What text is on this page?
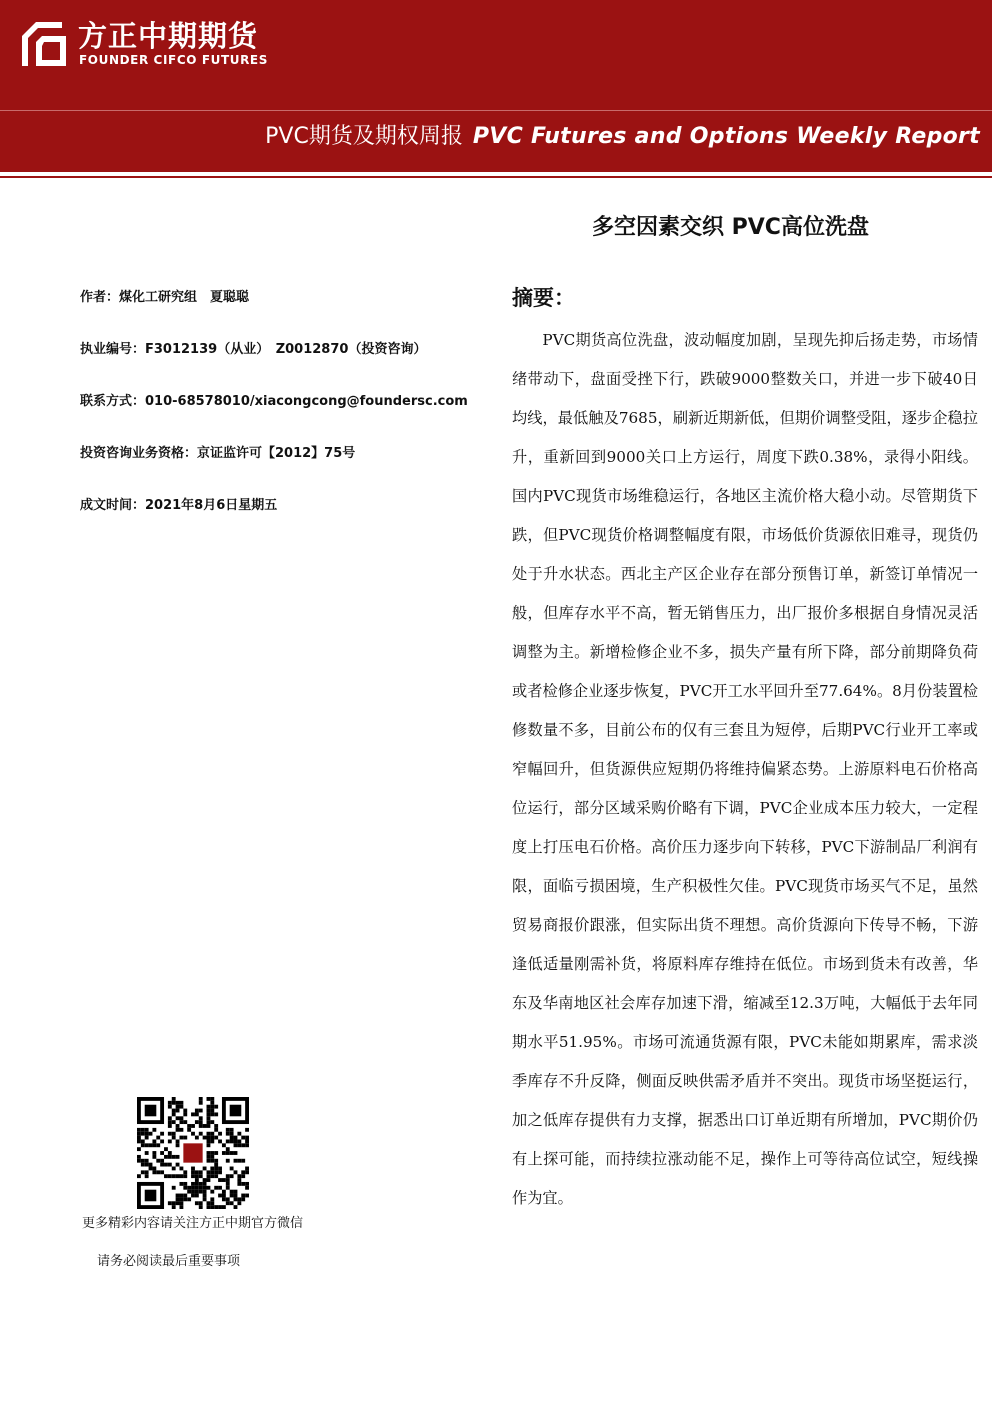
方正中期期货
FOUNDER CIFCO FUTURES
PVC期货及期权周报 PVC Futures and Options Weekly Report
多空因素交织 PVC高位洗盘
作者：煤化工研究组　夏聪聪
执业编号：F3012139（从业）　Z0012870（投资咨询）
联系方式：010-68578010/xiacongcong@foundersc.com
投资咨询业务资格：京证监许可【2012】75号
成文时间：2021年8月6日星期五
摘要：
PVC期货高位洗盘，波动幅度加剧，呈现先抑后扬走势，市场情绪带动下，盘面受挫下行，跌破9000整数关口，并进一步下破40日均线，最低触及7685，刷新近期新低，但期价调整受阻，逐步企稳拉升，重新回到9000关口上方运行，周度下跌0.38%，录得小阳线。国内PVC现货市场维稳运行，各地区主流价格大稳小动。尽管期货下跌，但PVC现货价格调整幅度有限，市场低价货源依旧难寻，现货仍处于升水状态。西北主产区企业存在部分预售订单，新签订单情况一般，但库存水平不高，暂无销售压力，出厂报价多根据自身情况灵活调整为主。新增检修企业不多，损失产量有所下降，部分前期降负荷或者检修企业逐步恢复，PVC开工水平回升至77.64%。8月份装置检修数量不多，目前公布的仅有三套且为短停，后期PVC行业开工率或窄幅回升，但货源供应短期仍将维持偏紧态势。上游原料电石价格高位运行，部分区域采购价略有下调，PVC企业成本压力较大，一定程度上打压电石价格。高价压力逐步向下转移，PVC下游制品厂利润有限，面临亏损困境，生产积极性欠佳。PVC现货市场买气不足，虽然贸易商报价跟涨，但实际出货不理想。高价货源向下传导不畅，下游逢低适量刚需补货，将原料库存维持在低位。市场到货未有改善，华东及华南地区社会库存加速下滑，缩减至12.3万吨，大幅低于去年同期水平51.95%。市场可流通货源有限，PVC未能如期累库，需求淡季库存不升反降，侧面反映供需矛盾并不突出。现货市场坚挺运行，加之低库存提供有力支撑，据悉出口订单近期有所增加，PVC期价仍有上探可能，而持续拉涨动能不足，操作上可等待高位试空，短线操作为宜。
更多精彩内容请关注方正中期官方微信
请务必阅读最后重要事项
